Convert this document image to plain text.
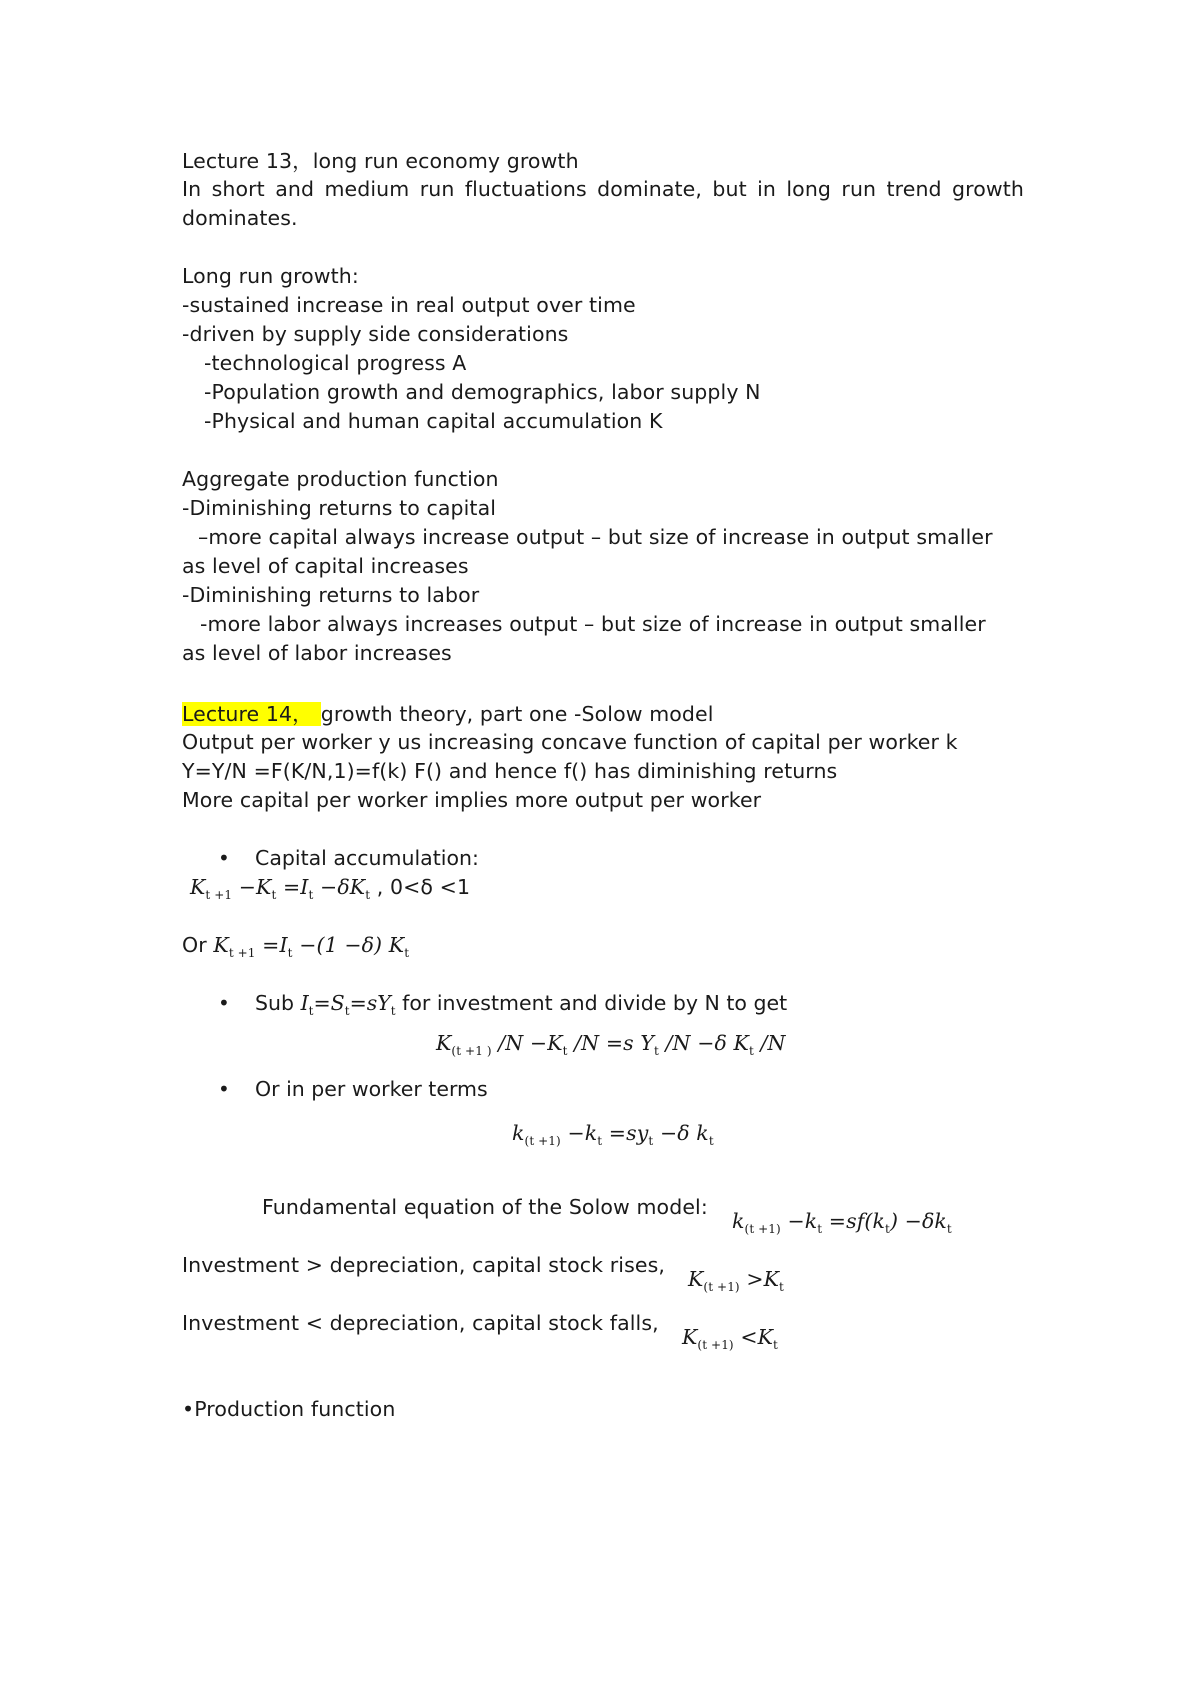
Lecture 13，long run economy growth
In short and medium run fluctuations dominate, but in long run trend growth
dominates.
Long run growth:
-sustained increase in real output over time
-driven by supply side considerations
-technological progress A
-Population growth and demographics, labor supply N
-Physical and human capital accumulation K
Aggregate production function
-Diminishing returns to capital
–more capital always increase output – but size of increase in output smaller
as level of capital increases
-Diminishing returns to labor
-more labor always increases output – but size of increase in output smaller
as level of labor increases
Lecture 14， growth theory, part one -Solow model
Output per worker y us increasing concave function of capital per worker k
Y=Y/N =F(K/N,1)=f(k) F() and hence f() has diminishing returns
More capital per worker implies more output per worker
• Capital accumulation:
$K_{t +1} -K_t =I_t -\delta K_t$ , 0<δ <1
Or $K_{t +1} =I_t -(1 -\delta)$ $K_t$
• Sub $I_t=S_t=sY_t$ for investment and divide by N to get
$K_{(t +1 )}$ $/N -K_t$ /N =s $Y_t$ /N −δ $K_t$ /N
• Or in per worker terms
$k_{(t +1)} -k_t =sy_t -\delta$ $k_t$
Fundamental equation of the Solow model:
$k_{(t +1)} -k_t =sf(k_t) -\delta k_t$
Investment > depreciation, capital stock rises,
$K_{(t +1)} >K_t$
Investment < depreciation, capital stock falls,
$K_{(t +1)} <K_t$
•Production function
